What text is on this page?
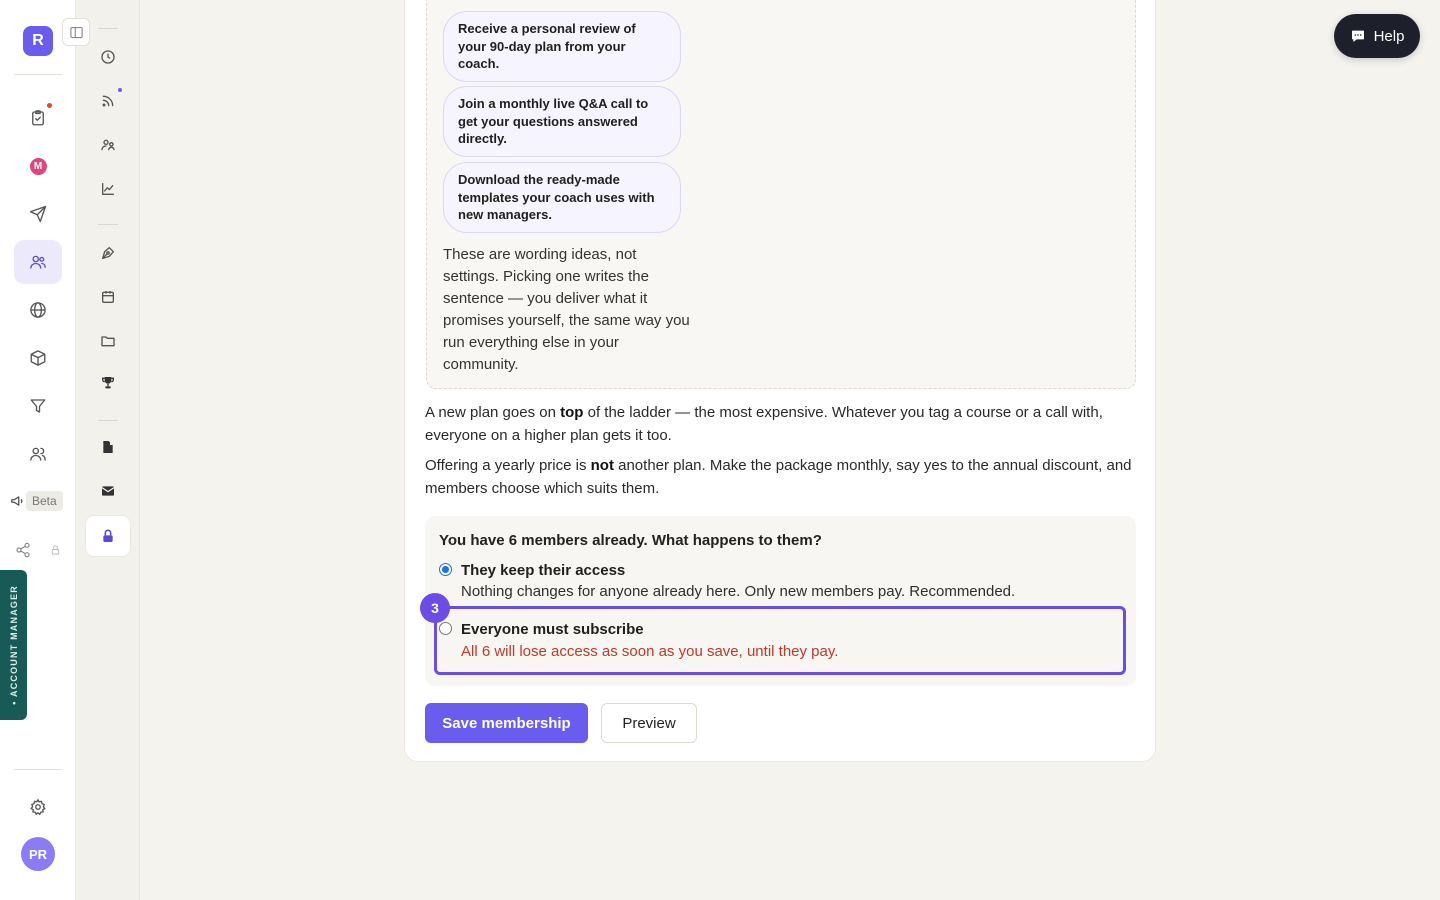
R
M
Beta
PR
• ACCOUNT MANAGER
Receive a personal review of your 90-day plan from your coach.
Join a monthly live Q&A call to get your questions answered directly.
Download the ready-made templates your coach uses with new managers.

These are wording ideas, not settings. Picking one writes the sentence — you deliver what it promises yourself, the same way you run everything else in your community.

A new plan goes on top of the ladder — the most expensive. Whatever you tag a course or a call with, everyone on a higher plan gets it too.

Offering a yearly price is not another plan. Make the package monthly, say yes to the annual discount, and members choose which suits them.

You have 6 members already. What happens to them?
They keep their access
Nothing changes for anyone already here. Only new members pay. Recommended.
3
Everyone must subscribe
All 6 will lose access as soon as you save, until they pay.
Save membership	Preview
Help
